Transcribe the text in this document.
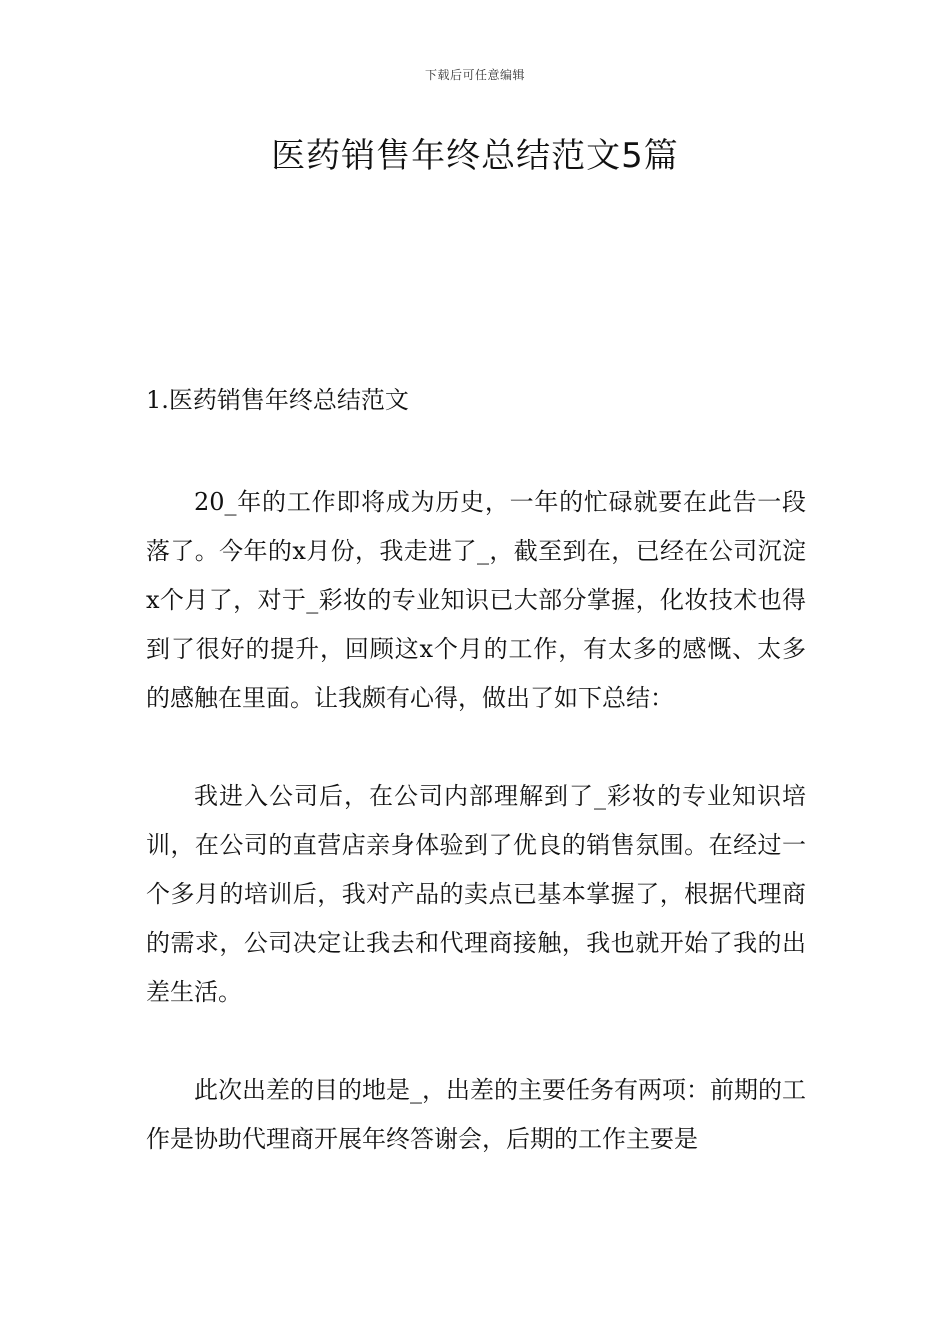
下载后可任意编辑
医药销售年终总结范文5篇
1.医药销售年终总结范文

20_年的工作即将成为历史，一年的忙碌就要在此告一段落了。今年的x月份，我走进了_，截至到在，已经在公司沉淀x个月了，对于_彩妆的专业知识已大部分掌握，化妆技术也得到了很好的提升，回顾这x个月的工作，有太多的感慨、太多的感触在里面。让我颇有心得，做出了如下总结：

我进入公司后，在公司内部理解到了_彩妆的专业知识培训，在公司的直营店亲身体验到了优良的销售氛围。在经过一个多月的培训后，我对产品的卖点已基本掌握了，根据代理商的需求，公司决定让我去和代理商接触，我也就开始了我的出差生活。

此次出差的目的地是_，出差的主要任务有两项：前期的工作是协助代理商开展年终答谢会，后期的工作主要是
